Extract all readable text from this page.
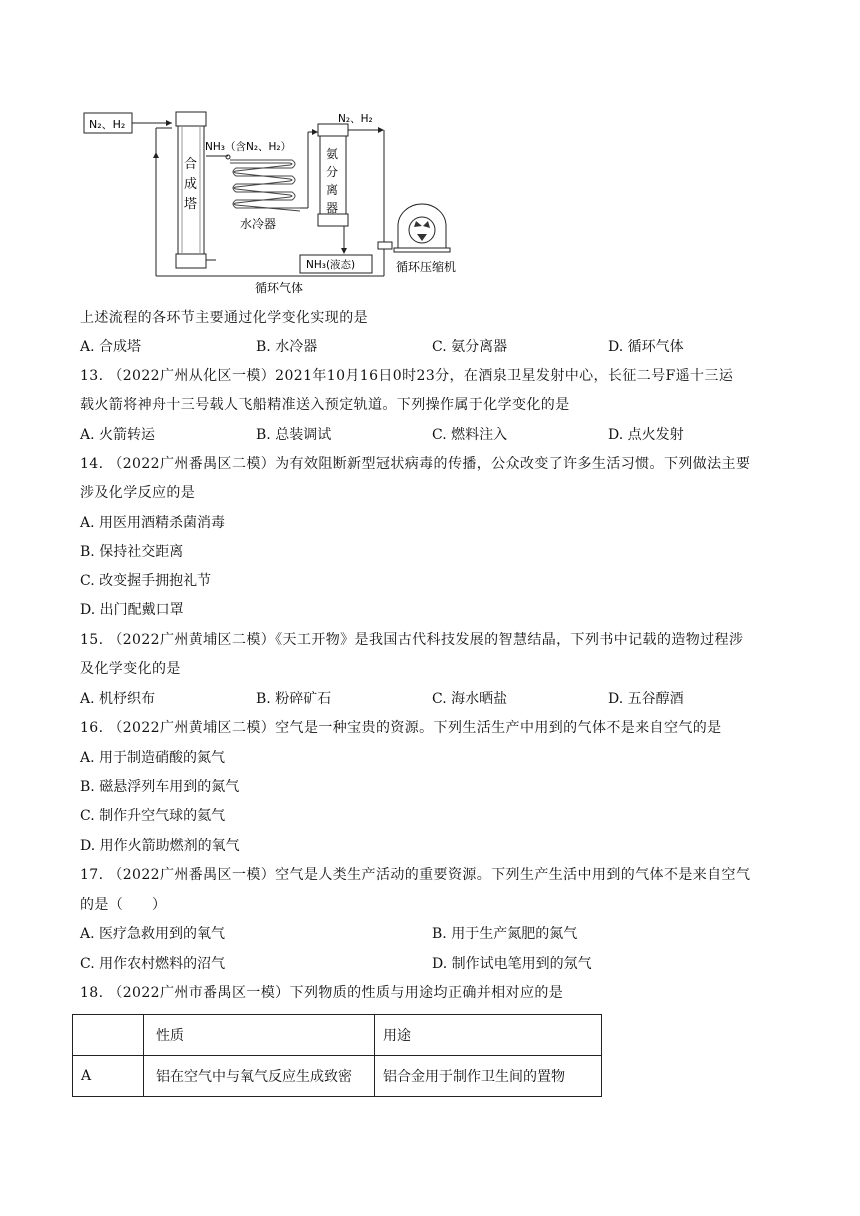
N₂、H₂
合 成 塔
NH₃（含N₂、H₂）
水冷器
氨 分 离 器
N₂、H₂
NH₃(液态)	循环压缩机
循环气体
上述流程的各环节主要通过化学变化实现的是
A. 合成塔	B. 水冷器	C. 氨分离器	D. 循环气体
13. （2022广州从化区一模）2021年10月16日0时23分，在酒泉卫星发射中心，长征二号F遥十三运
载火箭将神舟十三号载人飞船精准送入预定轨道。下列操作属于化学变化的是
A. 火箭转运	B. 总装调试	C. 燃料注入	D. 点火发射
14. （2022广州番禺区二模）为有效阻断新型冠状病毒的传播，公众改变了许多生活习惯。下列做法主要
涉及化学反应的是
A. 用医用酒精杀菌消毒
B. 保持社交距离
C. 改变握手拥抱礼节
D. 出门配戴口罩
15. （2022广州黄埔区二模）《天工开物》是我国古代科技发展的智慧结晶，下列书中记载的造物过程涉
及化学变化的是
A. 机杼织布	B. 粉碎矿石	C. 海水晒盐	D. 五谷醇酒
16. （2022广州黄埔区二模）空气是一种宝贵的资源。下列生活生产中用到的气体不是来自空气的是
A. 用于制造硝酸的氮气
B. 磁悬浮列车用到的氮气
C. 制作升空气球的氦气
D. 用作火箭助燃剂的氧气
17. （2022广州番禺区一模）空气是人类生产活动的重要资源。下列生产生活中用到的气体不是来自空气
的是（　　）
A. 医疗急救用到的氧气	B. 用于生产氮肥的氮气
C. 用作农村燃料的沼气	D. 制作试电笔用到的氖气
18. （2022广州市番禺区一模）下列物质的性质与用途均正确并相对应的是
	性质	用途
A	铝在空气中与氧气反应生成致密	铝合金用于制作卫生间的置物
